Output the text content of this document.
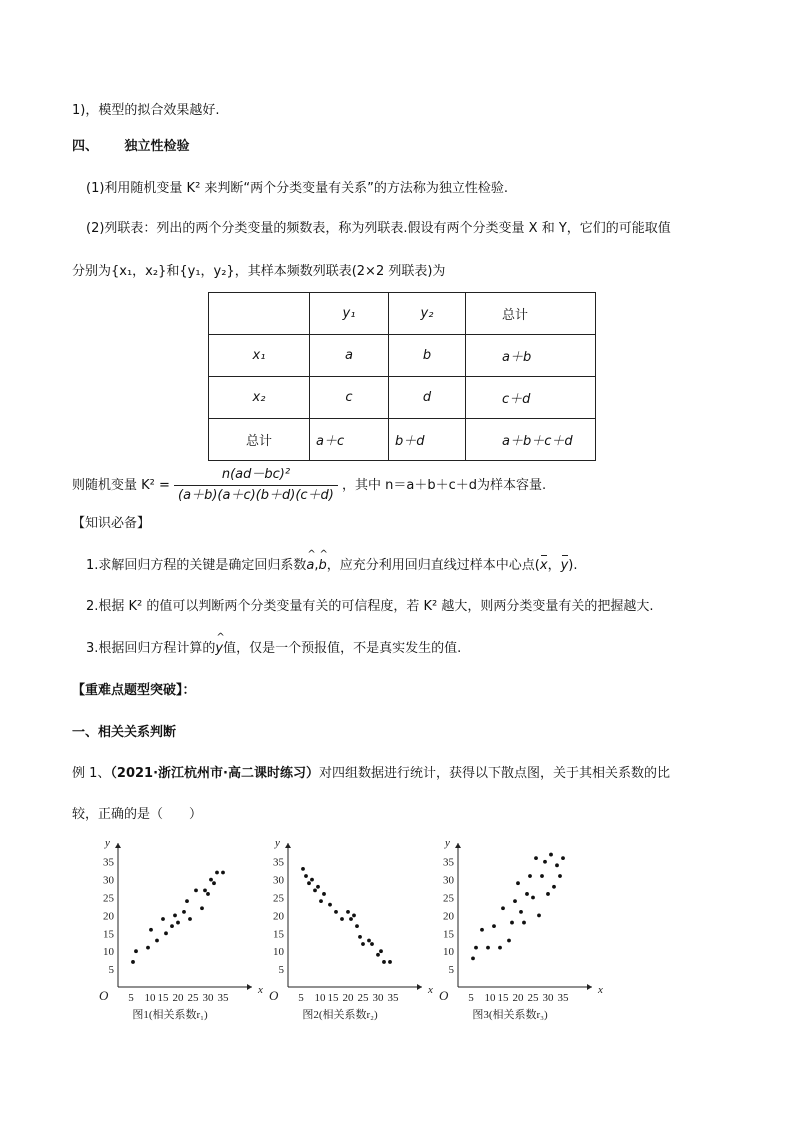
1)，模型的拟合效果越好.
四、 独立性检验
(1)利用随机变量 K² 来判断“两个分类变量有关系”的方法称为独立性检验.
(2)列联表：列出的两个分类变量的频数表，称为列联表.假设有两个分类变量 X 和 Y，它们的可能取值
分别为{x₁，x₂}和{y₁，y₂}，其样本频数列联表(2×2 列联表)为
	y₁	y₂	总计
x₁	a	b	a＋b
x₂	c	d	c＋d
总计	a＋c	b＋d	a＋b＋c＋d
则随机变量 $K^2 = \frac{\text{n(ad－bc)²}}{(a+b)(a+c)(b+d)(c+d)}$ ，其中 n＝a＋b＋c＋d为样本容量.
【知识必备】
1.求解回归方程的关键是确定回归系数^ a,^ b，应充分利用回归直线过样本中心点(x，y).
2.根据 K² 的值可以判断两个分类变量有关的可信程度，若 K² 越大，则两分类变量有关的把握越大.
3.根据回归方程计算的^ y值，仅是一个预报值，不是真实发生的值.
【重难点题型突破】：
一、相关关系判断
例 1、（2021·浙江杭州市·高二课时练习）对四组数据进行统计，获得以下散点图，关于其相关系数的比
较，正确的是（　　）
x
y
O
5
10
15
20
25
30
35
5 10 15 20 25 30 35
图1(相关系数r₁)
x
y
O
5
10
15
20
25
30
35
5 10 15 20 25 30 35
图2(相关系数r₂)
x
y
O
5
10
15
20
25
30
35
5 10 15 20 25 30 35
图3(相关系数r₃)
